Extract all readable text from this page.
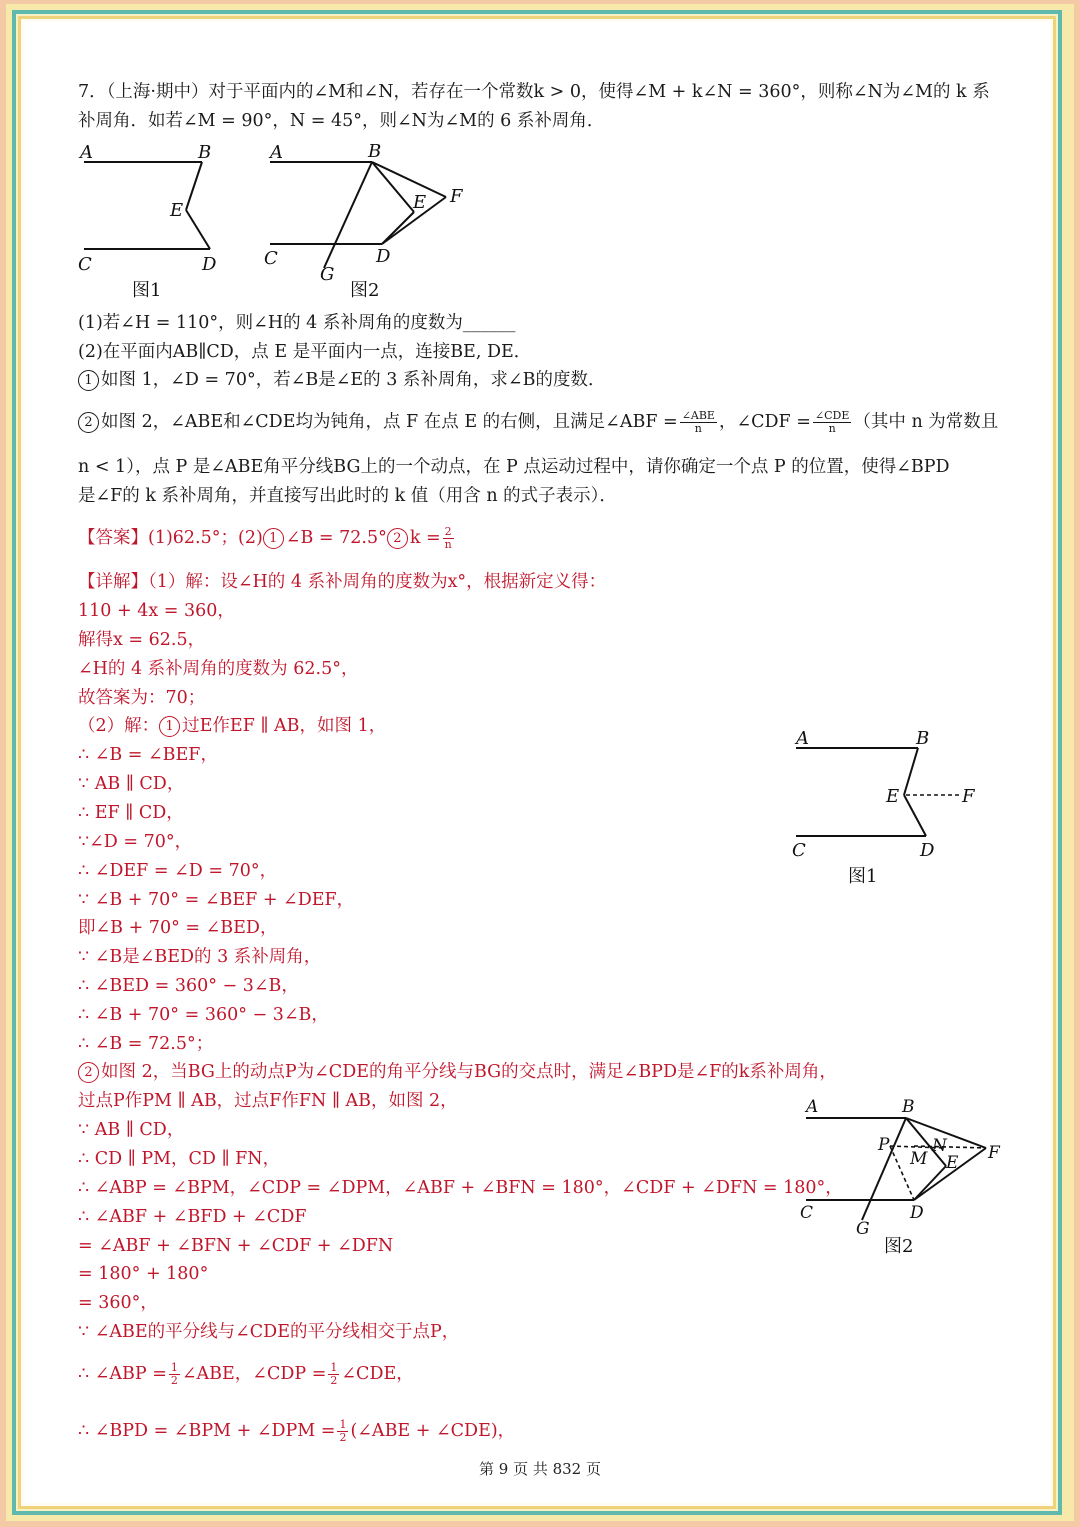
7．（上海·期中）对于平面内的∠M和∠N，若存在一个常数k > 0，使得∠M + k∠N = 360°，则称∠N为∠M的 k 系
补周角．如若∠M = 90°，N = 45°，则∠N为∠M的 6 系补周角．
A	B
E
C	D
图1
A	B
E F
C	D
G
图2
(1)若∠H = 110°，则∠H的 4 系补周角的度数为______
(2)在平面内AB∥CD，点 E 是平面内一点，连接BE, DE．
1 如图 1，∠D = 70°，若∠B是∠E的 3 系补周角，求∠B的度数．
2 如图 2，∠ABE和∠CDE均为钝角，点 F 在点 E 的右侧，且满足∠ABF = $\frac{\text{∠ABE}}{n}$ ，∠CDF = $\frac{\text{∠CDE}}{n}$ （其中 n 为常数且
n < 1），点 P 是∠ABE角平分线BG上的一个动点，在 P 点运动过程中，请你确定一个点 P 的位置，使得∠BPD
是∠F的 k 系补周角，并直接写出此时的 k 值（用含 n 的式子表示）．
【答案】(1)62.5°；(2) 1 ∠B = 72.5° 2 $k = \frac{2}{n}$
【详解】（1）解：设∠H的 4 系补周角的度数为x°，根据新定义得：
110 + 4x = 360，
解得x = 62.5，
∠H的 4 系补周角的度数为 62.5°，
故答案为：70；
（2）解： 1 过E作EF ∥ AB，如图 1，
∴ ∠B = ∠BEF，
∵ AB ∥ CD，
∴ EF ∥ CD，
∵∠D = 70°，
∴ ∠DEF = ∠D = 70°，
∵ ∠B + 70° = ∠BEF + ∠DEF，
即∠B + 70° = ∠BED，
∵ ∠B是∠BED的 3 系补周角，
∴ ∠BED = 360° − 3∠B，
∴ ∠B + 70° = 360° − 3∠B，
∴ ∠B = 72.5°；
2 如图 2，当BG上的动点P为∠CDE的角平分线与BG的交点时，满足∠BPD是∠F的k系补周角，
过点P作PM ∥ AB，过点F作FN ∥ AB，如图 2，
∵ AB ∥ CD，
∴ CD ∥ PM，CD ∥ FN，
∴ ∠ABP = ∠BPM，∠CDP = ∠DPM，∠ABF + ∠BFN = 180°，∠CDF + ∠DFN = 180°，
∴ ∠ABF + ∠BFD + ∠CDF
= ∠ABF + ∠BFN + ∠CDF + ∠DFN
= 180° + 180°
= 360°，
∵ ∠ABE的平分线与∠CDE的平分线相交于点P，
∴ ∠ABP = $\frac{1}{2}$ ∠ABE，∠CDP = $\frac{1}{2}$ ∠CDE，
∴ ∠BPD = ∠BPM + ∠DPM = $\frac{1}{2}$ (∠ABE + ∠CDE)，
A	B
E	F
C	D
图1
A	B
P
M
N
E F
C	D
G
图2
第 9 页 共 832 页
